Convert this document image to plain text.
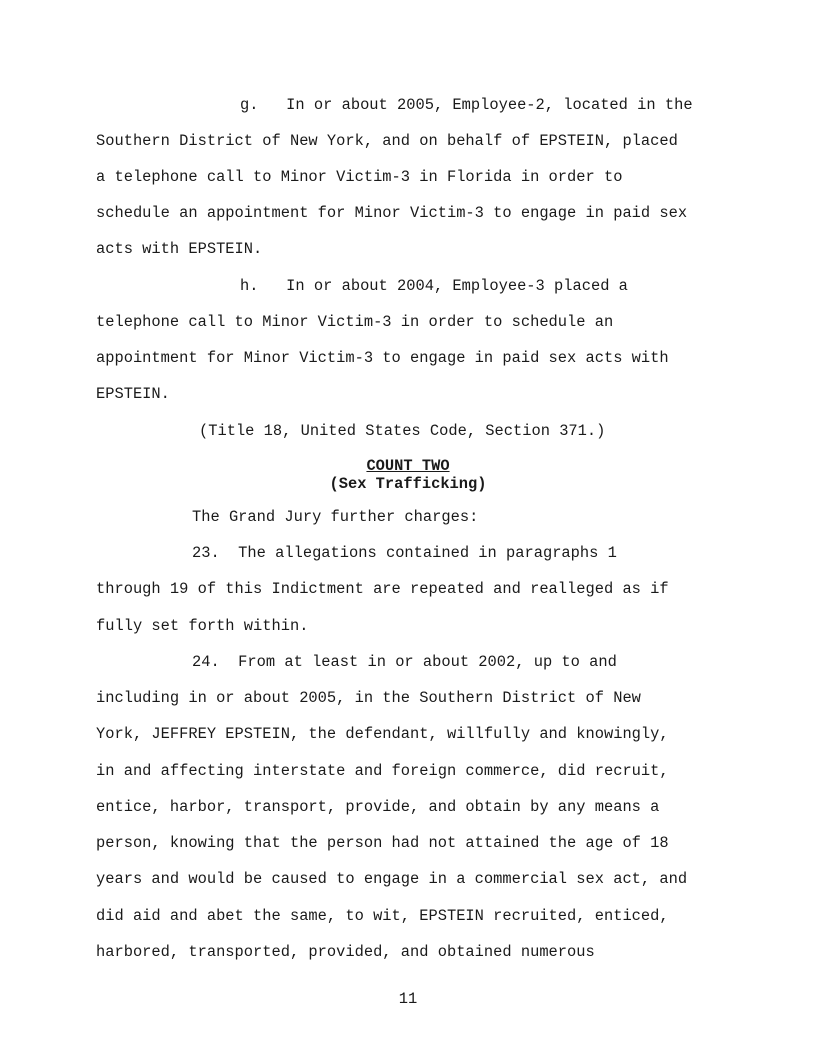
g.   In or about 2005, Employee-2, located in the

Southern District of New York, and on behalf of EPSTEIN, placed

a telephone call to Minor Victim-3 in Florida in order to

schedule an appointment for Minor Victim-3 to engage in paid sex

acts with EPSTEIN.

h.   In or about 2004, Employee-3 placed a

telephone call to Minor Victim-3 in order to schedule an

appointment for Minor Victim-3 to engage in paid sex acts with

EPSTEIN.

(Title 18, United States Code, Section 371.)

COUNT TWO

(Sex Trafficking)

The Grand Jury further charges:

23.  The allegations contained in paragraphs 1

through 19 of this Indictment are repeated and realleged as if

fully set forth within.

24.  From at least in or about 2002, up to and

including in or about 2005, in the Southern District of New

York, JEFFREY EPSTEIN, the defendant, willfully and knowingly,

in and affecting interstate and foreign commerce, did recruit,

entice, harbor, transport, provide, and obtain by any means a

person, knowing that the person had not attained the age of 18

years and would be caused to engage in a commercial sex act, and

did aid and abet the same, to wit, EPSTEIN recruited, enticed,

harbored, transported, provided, and obtained numerous

11
